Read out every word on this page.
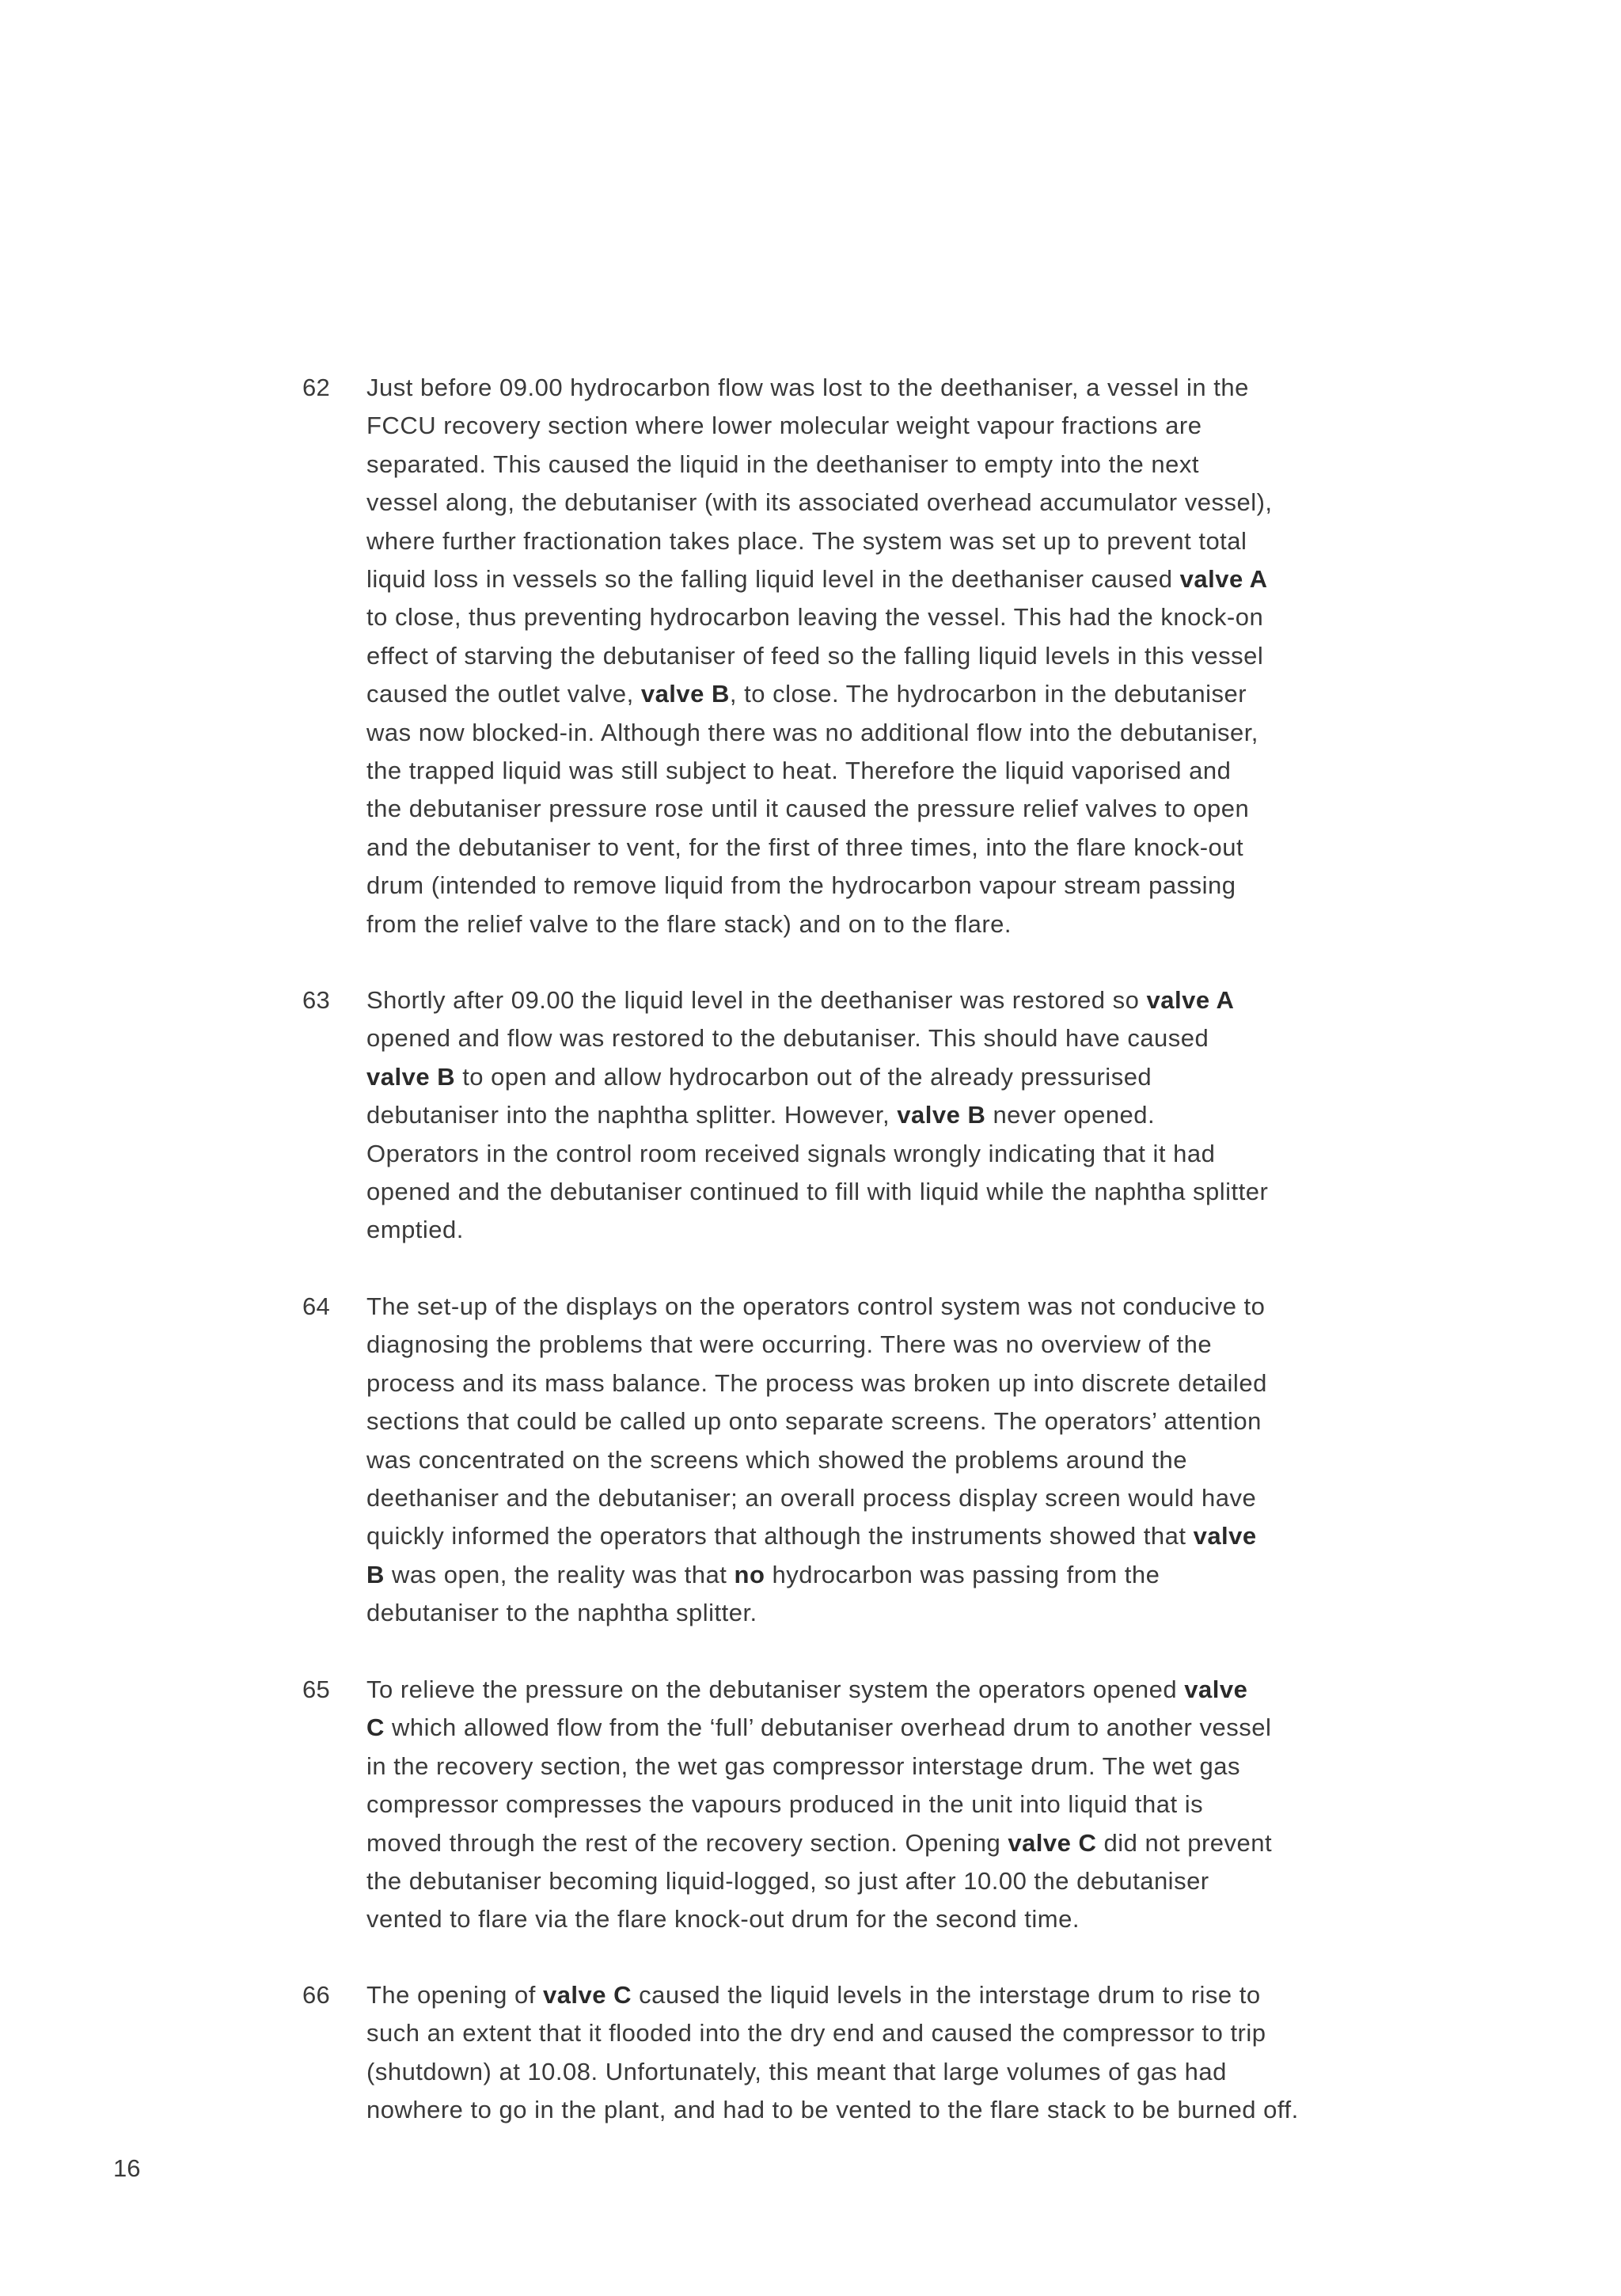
62 Just before 09.00 hydrocarbon flow was lost to the deethaniser, a vessel in the
FCCU recovery section where lower molecular weight vapour fractions are
separated. This caused the liquid in the deethaniser to empty into the next
vessel along, the debutaniser (with its associated overhead accumulator vessel),
where further fractionation takes place. The system was set up to prevent total
liquid loss in vessels so the falling liquid level in the deethaniser caused valve A
to close, thus preventing hydrocarbon leaving the vessel. This had the knock-on
effect of starving the debutaniser of feed so the falling liquid levels in this vessel
caused the outlet valve, valve B, to close. The hydrocarbon in the debutaniser
was now blocked-in. Although there was no additional flow into the debutaniser,
the trapped liquid was still subject to heat. Therefore the liquid vaporised and
the debutaniser pressure rose until it caused the pressure relief valves to open
and the debutaniser to vent, for the first of three times, into the flare knock-out
drum (intended to remove liquid from the hydrocarbon vapour stream passing
from the relief valve to the flare stack) and on to the flare.
63 Shortly after 09.00 the liquid level in the deethaniser was restored so valve A
opened and flow was restored to the debutaniser. This should have caused
valve B to open and allow hydrocarbon out of the already pressurised
debutaniser into the naphtha splitter. However, valve B never opened.
Operators in the control room received signals wrongly indicating that it had
opened and the debutaniser continued to fill with liquid while the naphtha splitter
emptied.
64 The set-up of the displays on the operators control system was not conducive to
diagnosing the problems that were occurring. There was no overview of the
process and its mass balance. The process was broken up into discrete detailed
sections that could be called up onto separate screens. The operators’ attention
was concentrated on the screens which showed the problems around the
deethaniser and the debutaniser; an overall process display screen would have
quickly informed the operators that although the instruments showed that valve
B was open, the reality was that no hydrocarbon was passing from the
debutaniser to the naphtha splitter.
65 To relieve the pressure on the debutaniser system the operators opened valve
C which allowed flow from the ‘full’ debutaniser overhead drum to another vessel
in the recovery section, the wet gas compressor interstage drum. The wet gas
compressor compresses the vapours produced in the unit into liquid that is
moved through the rest of the recovery section. Opening valve C did not prevent
the debutaniser becoming liquid-logged, so just after 10.00 the debutaniser
vented to flare via the flare knock-out drum for the second time.
66 The opening of valve C caused the liquid levels in the interstage drum to rise to
such an extent that it flooded into the dry end and caused the compressor to trip
(shutdown) at 10.08. Unfortunately, this meant that large volumes of gas had
nowhere to go in the plant, and had to be vented to the flare stack to be burned off.
16
